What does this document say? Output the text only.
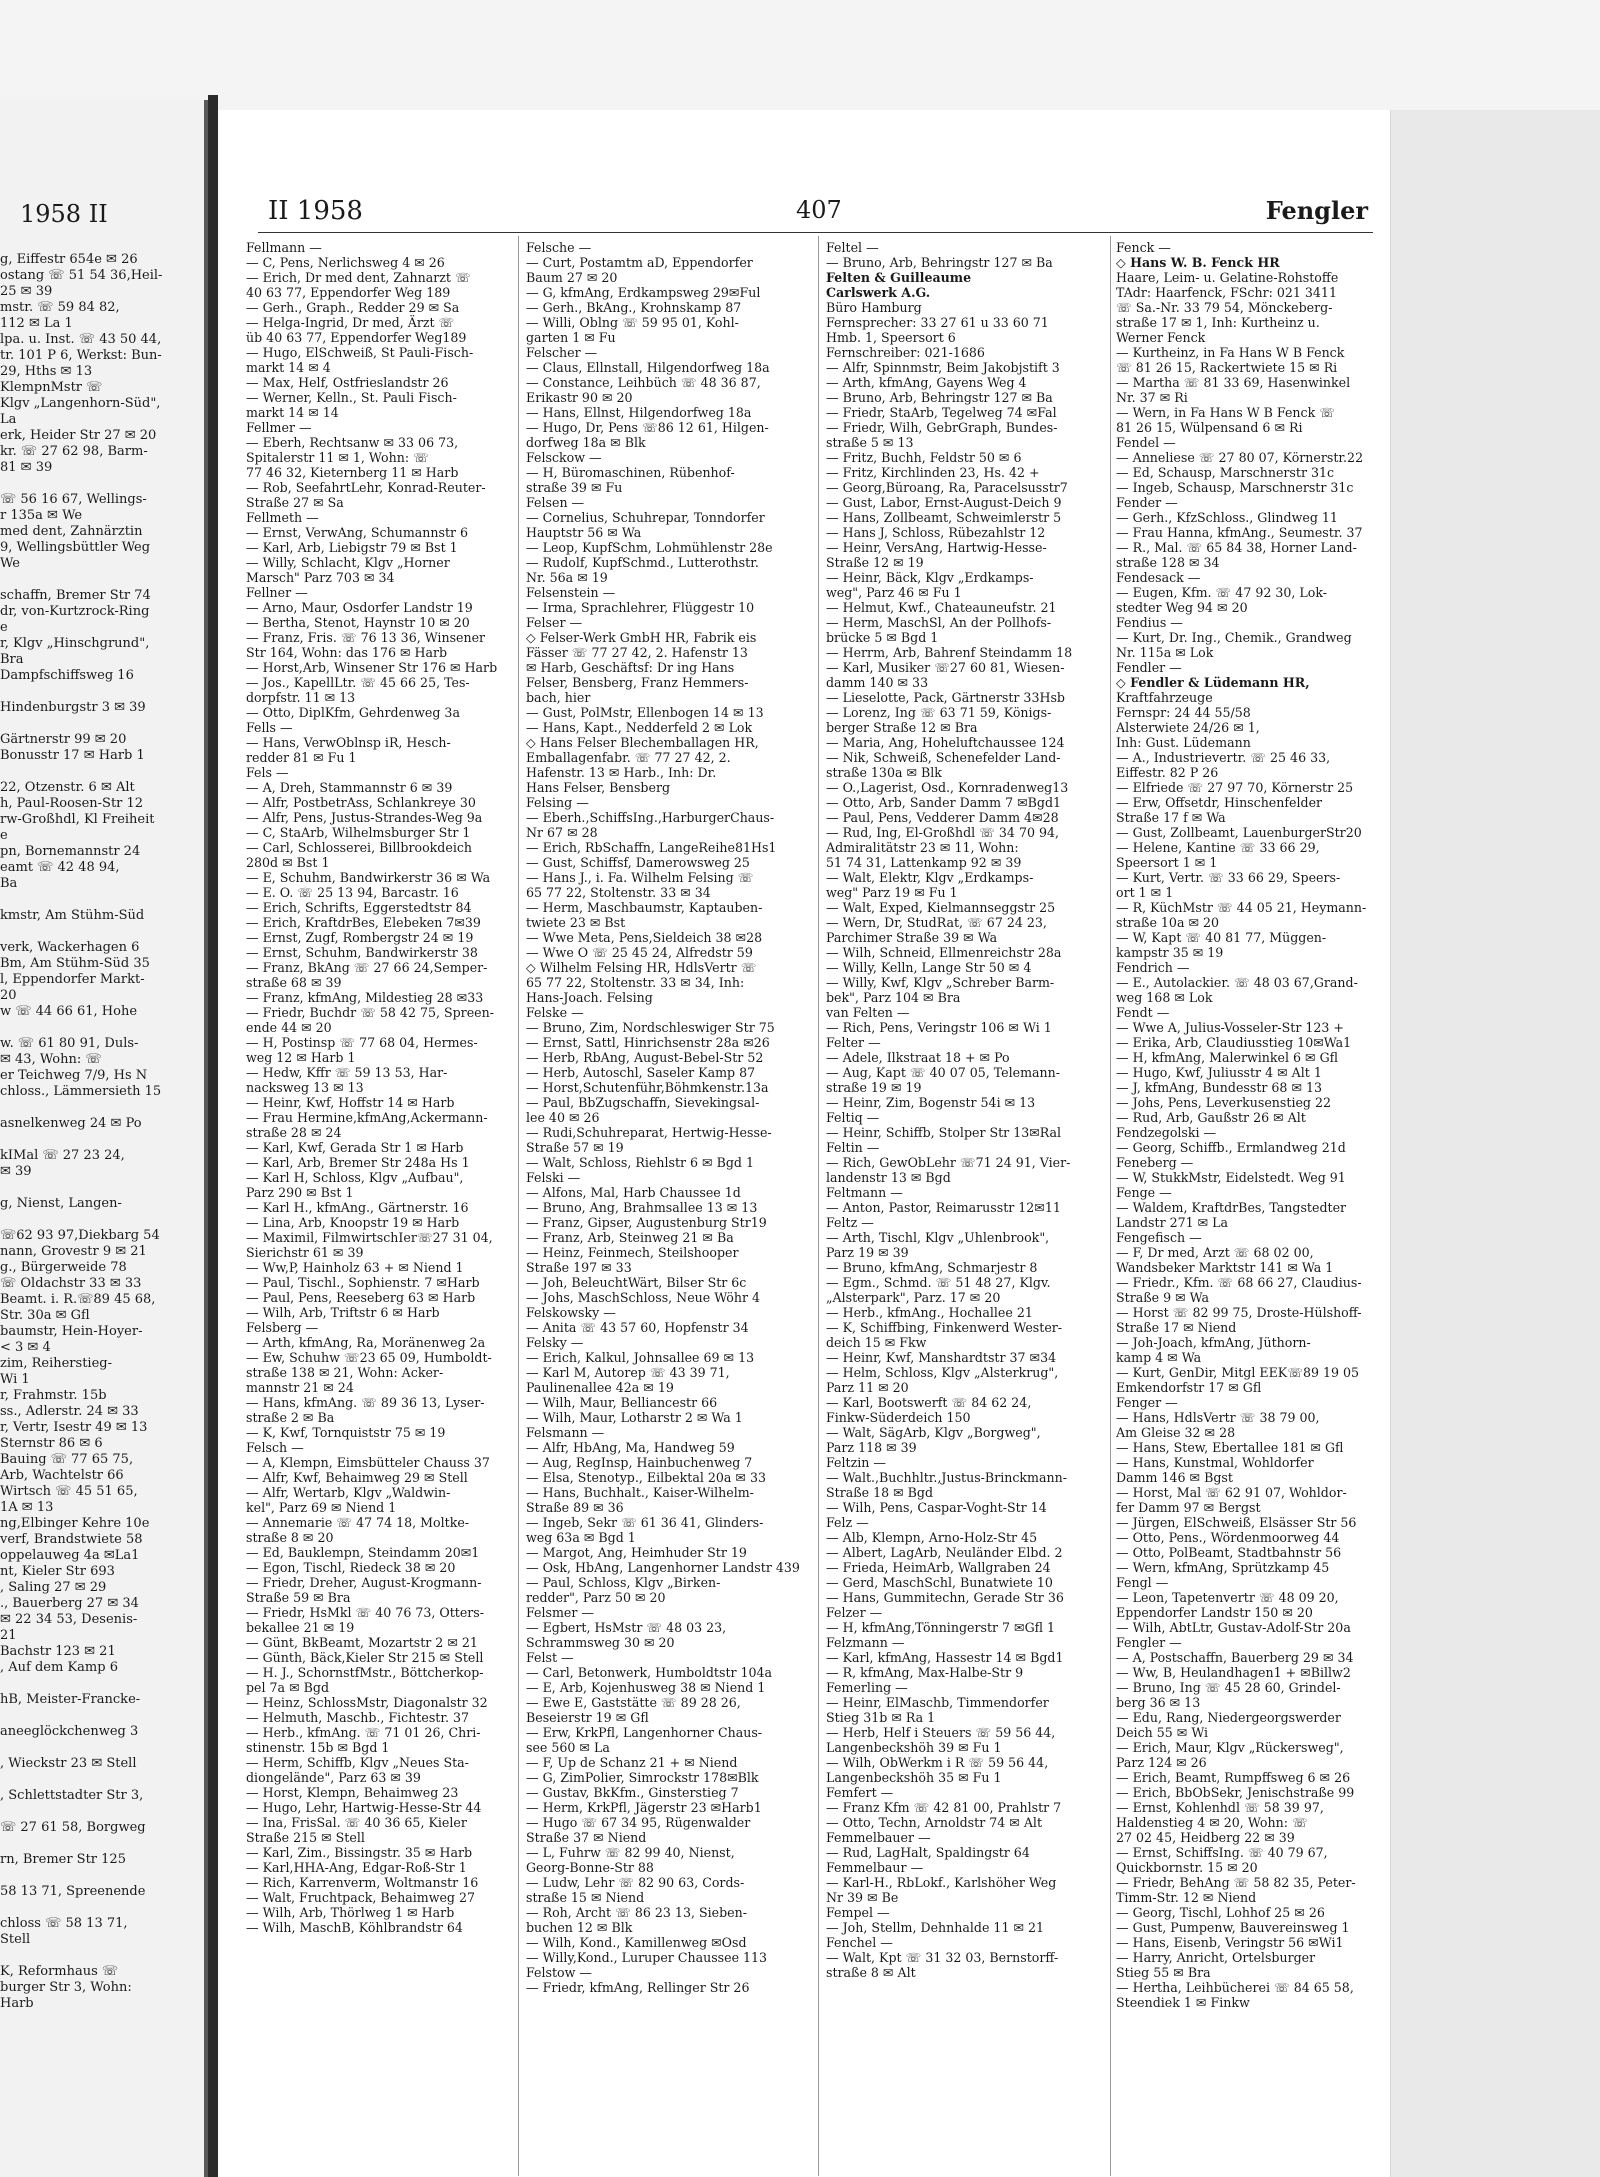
1958 II
g, Eiffestr 654e ✉ 26
ostang ☏ 51 54 36,Heil-
25 ✉ 39
mstr. ☏ 59 84 82,
112 ✉ La 1
lpa. u. Inst. ☏ 43 50 44,
tr. 101 P 6, Werkst: Bun-
29, Hths ✉ 13
KlempnMstr ☏
Klgv „Langenhorn-Süd",
La
erk, Heider Str 27 ✉ 20
kr. ☏ 27 62 98, Barm-
81 ✉ 39
☏ 56 16 67, Wellings-
r 135a ✉ We
med dent, Zahnärztin
9, Wellingsbüttler Weg
We
schaffn, Bremer Str 74
dr, von-Kurtzrock-Ring
e
r, Klgv „Hinschgrund",
Bra
Dampfschiffsweg 16
Hindenburgstr 3 ✉ 39
Gärtnerstr 99 ✉ 20
Bonusstr 17 ✉ Harb 1
22, Otzenstr. 6 ✉ Alt
h, Paul-Roosen-Str 12
rw-Großhdl, Kl Freiheit
e
pn, Bornemannstr 24
eamt ☏ 42 48 94,
Ba
kmstr, Am Stühm-Süd
verk, Wackerhagen 6
Bm, Am Stühm-Süd 35
l, Eppendorfer Markt-
20
w ☏ 44 66 61, Hohe
w. ☏ 61 80 91, Duls-
✉ 43, Wohn: ☏
er Teichweg 7/9, Hs N
chloss., Lämmersieth 15
asnelkenweg 24 ✉ Po
kIMal ☏ 27 23 24,
✉ 39
g, Nienst, Langen-
☏62 93 97,Diekbarg 54
nann, Grovestr 9 ✉ 21
g., Bürgerweide 78
☏ Oldachstr 33 ✉ 33
Beamt. i. R.☏89 45 68,
Str. 30a ✉ Gfl
baumstr, Hein-Hoyer-
< 3 ✉ 4
zim, Reiherstieg-
Wi 1
r, Frahmstr. 15b
ss., Adlerstr. 24 ✉ 33
r, Vertr, Isestr 49 ✉ 13
Sternstr 86 ✉ 6
Bauing ☏ 77 65 75,
Arb, Wachtelstr 66
Wirtsch ☏ 45 51 65,
1A ✉ 13
ng,Elbinger Kehre 10e
verf, Brandstwiete 58
oppelauweg 4a ✉La1
nt, Kieler Str 693
, Saling 27 ✉ 29
., Bauerberg 27 ✉ 34
✉ 22 34 53, Desenis-
21
Bachstr 123 ✉ 21
, Auf dem Kamp 6
hB, Meister-Francke-
aneeglöckchenweg 3
, Wieckstr 23 ✉ Stell
, Schlettstadter Str 3,
☏ 27 61 58, Borgweg
rn, Bremer Str 125
58 13 71, Spreenende
chloss ☏ 58 13 71,
Stell
K, Reformhaus ☏
burger Str 3, Wohn:
Harb
II 1958	407	Fengler
Fellmann —
— C, Pens, Nerlichsweg 4 ✉ 26
— Erich, Dr med dent, Zahnarzt ☏
40 63 77, Eppendorfer Weg 189
— Gerh., Graph., Redder 29 ✉ Sa
— Helga-Ingrid, Dr med, Ärzt ☏
üb 40 63 77, Eppendorfer Weg189
— Hugo, ElSchweiß, St Pauli-Fisch-
markt 14 ✉ 4
— Max, Helf, Ostfrieslandstr 26
— Werner, Kelln., St. Pauli Fisch-
markt 14 ✉ 14
Fellmer —
— Eberh, Rechtsanw ✉ 33 06 73,
Spitalerstr 11 ✉ 1, Wohn: ☏
77 46 32, Kieternberg 11 ✉ Harb
— Rob, SeefahrtLehr, Konrad-Reuter-
Straße 27 ✉ Sa
Fellmeth —
— Ernst, VerwAng, Schumannstr 6
— Karl, Arb, Liebigstr 79 ✉ Bst 1
— Willy, Schlacht, Klgv „Horner
Marsch" Parz 703 ✉ 34
Fellner —
— Arno, Maur, Osdorfer Landstr 19
— Bertha, Stenot, Haynstr 10 ✉ 20
— Franz, Fris. ☏ 76 13 36, Winsener
Str 164, Wohn: das 176 ✉ Harb
— Horst,Arb, Winsener Str 176 ✉ Harb
— Jos., KapellLtr. ☏ 45 66 25, Tes-
dorpfstr. 11 ✉ 13
— Otto, DiplKfm, Gehrdenweg 3a
Fells —
— Hans, VerwOblnsp iR, Hesch-
redder 81 ✉ Fu 1
Fels —
— A, Dreh, Stammannstr 6 ✉ 39
— Alfr, PostbetrAss, Schlankreye 30
— Alfr, Pens, Justus-Strandes-Weg 9a
— C, StaArb, Wilhelmsburger Str 1
— Carl, Schlosserei, Billbrookdeich
280d ✉ Bst 1
— E, Schuhm, Bandwirkerstr 36 ✉ Wa
— E. O. ☏ 25 13 94, Barcastr. 16
— Erich, Schrifts, Eggerstedtstr 84
— Erich, KraftdrBes, Elebeken 7✉39
— Ernst, Zugf, Rombergstr 24 ✉ 19
— Ernst, Schuhm, Bandwirkerstr 38
— Franz, BkAng ☏ 27 66 24,Semper-
straße 68 ✉ 39
— Franz, kfmAng, Mildestieg 28 ✉33
— Friedr, Buchdr ☏ 58 42 75, Spreen-
ende 44 ✉ 20
— H, Postinsp ☏ 77 68 04, Hermes-
weg 12 ✉ Harb 1
— Hedw, Kffr ☏ 59 13 53, Har-
nacksweg 13 ✉ 13
— Heinr, Kwf, Hoffstr 14 ✉ Harb
— Frau Hermine,kfmAng,Ackermann-
straße 28 ✉ 24
— Karl, Kwf, Gerada Str 1 ✉ Harb
— Karl, Arb, Bremer Str 248a Hs 1
— Karl H, Schloss, Klgv „Aufbau",
Parz 290 ✉ Bst 1
— Karl H., kfmAng., Gärtnerstr. 16
— Lina, Arb, Knoopstr 19 ✉ Harb
— Maximil, FilmwirtschIer☏27 31 04,
Sierichstr 61 ✉ 39
— Ww,P, Hainholz 63 + ✉ Niend 1
— Paul, Tischl., Sophienstr. 7 ✉Harb
— Paul, Pens, Reeseberg 63 ✉ Harb
— Wilh, Arb, Triftstr 6 ✉ Harb
Felsberg —
— Arth, kfmAng, Ra, Moränenweg 2a
— Ew, Schuhw ☏23 65 09, Humboldt-
straße 138 ✉ 21, Wohn: Acker-
mannstr 21 ✉ 24
— Hans, kfmAng. ☏ 89 36 13, Lyser-
straße 2 ✉ Ba
— K, Kwf, Tornquiststr 75 ✉ 19
Felsch —
— A, Klempn, Eimsbütteler Chauss 37
— Alfr, Kwf, Behaimweg 29 ✉ Stell
— Alfr, Wertarb, Klgv „Waldwin-
kel", Parz 69 ✉ Niend 1
— Annemarie ☏ 47 74 18, Moltke-
straße 8 ✉ 20
— Ed, Bauklempn, Steindamm 20✉1
— Egon, Tischl, Riedeck 38 ✉ 20
— Friedr, Dreher, August-Krogmann-
Straße 59 ✉ Bra
— Friedr, HsMkl ☏ 40 76 73, Otters-
bekallee 21 ✉ 19
— Günt, BkBeamt, Mozartstr 2 ✉ 21
— Günth, Bäck,Kieler Str 215 ✉ Stell
— H. J., SchornstfMstr., Böttcherkop-
pel 7a ✉ Bgd
— Heinz, SchlossMstr, Diagonalstr 32
— Helmuth, Maschb., Fichtestr. 37
— Herb., kfmAng. ☏ 71 01 26, Chri-
stinenstr. 15b ✉ Bgd 1
— Herm, Schiffb, Klgv „Neues Sta-
diongelände", Parz 63 ✉ 39
— Horst, Klempn, Behaimweg 23
— Hugo, Lehr, Hartwig-Hesse-Str 44
— Ina, FrisSal. ☏ 40 36 65, Kieler
Straße 215 ✉ Stell
— Karl, Zim., Bissingstr. 35 ✉ Harb
— Karl,HHA-Ang, Edgar-Roß-Str 1
— Rich, Karrenverm, Woltmanstr 16
— Walt, Fruchtpack, Behaimweg 27
— Wilh, Arb, Thörlweg 1 ✉ Harb
— Wilh, MaschB, Köhlbrandstr 64
Felsche —
— Curt, Postamtm aD, Eppendorfer
Baum 27 ✉ 20
— G, kfmAng, Erdkampsweg 29✉Ful
— Gerh., BkAng., Krohnskamp 87
— Willi, Oblng ☏ 59 95 01, Kohl-
garten 1 ✉ Fu
Felscher —
— Claus, Ellnstall, Hilgendorfweg 18a
— Constance, Leihbüch ☏ 48 36 87,
Erikastr 90 ✉ 20
— Hans, Ellnst, Hilgendorfweg 18a
— Hugo, Dr, Pens ☏86 12 61, Hilgen-
dorfweg 18a ✉ Blk
Felsckow —
— H, Büromaschinen, Rübenhof-
straße 39 ✉ Fu
Felsen —
— Cornelius, Schuhrepar, Tonndorfer
Hauptstr 56 ✉ Wa
— Leop, KupfSchm, Lohmühlenstr 28e
— Rudolf, KupfSchmd., Lutterothstr.
Nr. 56a ✉ 19
Felsenstein —
— Irma, Sprachlehrer, Flüggestr 10
Felser —
◇ Felser-Werk GmbH HR, Fabrik eis
Fässer ☏ 77 27 42, 2. Hafenstr 13
✉ Harb, Geschäftsf: Dr ing Hans
Felser, Bensberg, Franz Hemmers-
bach, hier
— Gust, PolMstr, Ellenbogen 14 ✉ 13
— Hans, Kapt., Nedderfeld 2 ✉ Lok
◇ Hans Felser Blechemballagen HR,
Emballagenfabr. ☏ 77 27 42, 2.
Hafenstr. 13 ✉ Harb., Inh: Dr.
Hans Felser, Bensberg
Felsing —
— Eberh.,SchiffsIng.,HarburgerChaus-
Nr 67 ✉ 28
— Erich, RbSchaffn, LangeReihe81Hs1
— Gust, Schiffsf, Damerowsweg 25
— Hans J., i. Fa. Wilhelm Felsing ☏
65 77 22, Stoltenstr. 33 ✉ 34
— Herm, Maschbaumstr, Kaptauben-
twiete 23 ✉ Bst
— Wwe Meta, Pens,Sieldeich 38 ✉28
— Wwe O ☏ 25 45 24, Alfredstr 59
◇ Wilhelm Felsing HR, HdlsVertr ☏
65 77 22, Stoltenstr. 33 ✉ 34, Inh:
Hans-Joach. Felsing
Felske —
— Bruno, Zim, Nordschleswiger Str 75
— Ernst, Sattl, Hinrichsenstr 28a ✉26
— Herb, RbAng, August-Bebel-Str 52
— Herb, Autoschl, Saseler Kamp 87
— Horst,Schutenführ,Böhmkenstr.13a
— Paul, BbZugschaffn, Sievekingsal-
lee 40 ✉ 26
— Rudi,Schuhreparat, Hertwig-Hesse-
Straße 57 ✉ 19
— Walt, Schloss, Riehlstr 6 ✉ Bgd 1
Felski —
— Alfons, Mal, Harb Chaussee 1d
— Bruno, Ang, Brahmsallee 13 ✉ 13
— Franz, Gipser, Augustenburg Str19
— Franz, Arb, Steinweg 21 ✉ Ba
— Heinz, Feinmech, Steilshooper
Straße 197 ✉ 33
— Joh, BeleuchtWärt, Bilser Str 6c
— Johs, MaschSchloss, Neue Wöhr 4
Felskowsky —
— Anita ☏ 43 57 60, Hopfenstr 34
Felsky —
— Erich, Kalkul, Johnsallee 69 ✉ 13
— Karl M, Autorep ☏ 43 39 71,
Paulinenallee 42a ✉ 19
— Wilh, Maur, Belliancestr 66
— Wilh, Maur, Lotharstr 2 ✉ Wa 1
Felsmann —
— Alfr, HbAng, Ma, Handweg 59
— Aug, RegInsp, Hainbuchenweg 7
— Elsa, Stenotyp., Eilbektal 20a ✉ 33
— Hans, Buchhalt., Kaiser-Wilhelm-
Straße 89 ✉ 36
— Ingeb, Sekr ☏ 61 36 41, Glinders-
weg 63a ✉ Bgd 1
— Margot, Ang, Heimhuder Str 19
— Osk, HbAng, Langenhorner Landstr 439
— Paul, Schloss, Klgv „Birken-
redder", Parz 50 ✉ 20
Felsmer —
— Egbert, HsMstr ☏ 48 03 23,
Schrammsweg 30 ✉ 20
Felst —
— Carl, Betonwerk, Humboldtstr 104a
— E, Arb, Kojenhusweg 38 ✉ Niend 1
— Ewe E, Gaststätte ☏ 89 28 26,
Beseierstr 19 ✉ Gfl
— Erw, KrkPfl, Langenhorner Chaus-
see 560 ✉ La
— F, Up de Schanz 21 + ✉ Niend
— G, ZimPolier, Simrockstr 178✉Blk
— Gustav, BkKfm., Ginsterstieg 7
— Herm, KrkPfl, Jägerstr 23 ✉Harb1
— Hugo ☏ 67 34 95, Rügenwalder
Straße 37 ✉ Niend
— L, Fuhrw ☏ 82 99 40, Nienst,
Georg-Bonne-Str 88
— Ludw, Lehr ☏ 82 90 63, Cords-
straße 15 ✉ Niend
— Roh, Archt ☏ 86 23 13, Sieben-
buchen 12 ✉ Blk
— Wilh, Kond., Kamillenweg ✉Osd
— Willy,Kond., Luruper Chaussee 113
Felstow —
— Friedr, kfmAng, Rellinger Str 26
Feltel —
— Bruno, Arb, Behringstr 127 ✉ Ba
Felten & Guilleaume
Carlswerk A.G.
Büro Hamburg
Fernsprecher: 33 27 61 u 33 60 71
Hmb. 1, Speersort 6
Fernschreiber: 021-1686
— Alfr, Spinnmstr, Beim Jakobjstift 3
— Arth, kfmAng, Gayens Weg 4
— Bruno, Arb, Behringstr 127 ✉ Ba
— Friedr, StaArb, Tegelweg 74 ✉Fal
— Friedr, Wilh, GebrGraph, Bundes-
straße 5 ✉ 13
— Fritz, Buchh, Feldstr 50 ✉ 6
— Fritz, Kirchlinden 23, Hs. 42 +
— Georg,Büroang, Ra, Paracelsusstr7
— Gust, Labor, Ernst-August-Deich 9
— Hans, Zollbeamt, Schweimlerstr 5
— Hans J, Schloss, Rübezahlstr 12
— Heinr, VersAng, Hartwig-Hesse-
Straße 12 ✉ 19
— Heinr, Bäck, Klgv „Erdkamps-
weg", Parz 46 ✉ Fu 1
— Helmut, Kwf., Chateauneufstr. 21
— Herm, MaschSl, An der Pollhofs-
brücke 5 ✉ Bgd 1
— Herrm, Arb, Bahrenf Steindamm 18
— Karl, Musiker ☏27 60 81, Wiesen-
damm 140 ✉ 33
— Lieselotte, Pack, Gärtnerstr 33Hsb
— Lorenz, Ing ☏ 63 71 59, Königs-
berger Straße 12 ✉ Bra
— Maria, Ang, Hoheluftchaussee 124
— Nik, Schweiß, Schenefelder Land-
straße 130a ✉ Blk
— O.,Lagerist, Osd., Kornradenweg13
— Otto, Arb, Sander Damm 7 ✉Bgd1
— Paul, Pens, Vedderer Damm 4✉28
— Rud, Ing, El-Großhdl ☏ 34 70 94,
Admiralitätstr 23 ✉ 11, Wohn:
51 74 31, Lattenkamp 92 ✉ 39
— Walt, Elektr, Klgv „Erdkamps-
weg" Parz 19 ✉ Fu 1
— Walt, Exped, Kielmannseggstr 25
— Wern, Dr, StudRat, ☏ 67 24 23,
Parchimer Straße 39 ✉ Wa
— Wilh, Schneid, Ellmenreichstr 28a
— Willy, Kelln, Lange Str 50 ✉ 4
— Willy, Kwf, Klgv „Schreber Barm-
bek", Parz 104 ✉ Bra
van Felten —
— Rich, Pens, Veringstr 106 ✉ Wi 1
Felter —
— Adele, Ilkstraat 18 + ✉ Po
— Aug, Kapt ☏ 40 07 05, Telemann-
straße 19 ✉ 19
— Heinr, Zim, Bogenstr 54i ✉ 13
Feltiq —
— Heinr, Schiffb, Stolper Str 13✉Ral
Feltin —
— Rich, GewObLehr ☏71 24 91, Vier-
landenstr 13 ✉ Bgd
Feltmann —
— Anton, Pastor, Reimarusstr 12✉11
Feltz —
— Arth, Tischl, Klgv „Uhlenbrook",
Parz 19 ✉ 39
— Bruno, kfmAng, Schmarjestr 8
— Egm., Schmd. ☏ 51 48 27, Klgv.
„Alsterpark", Parz. 17 ✉ 20
— Herb., kfmAng., Hochallee 21
— K, Schiffbing, Finkenwerd Wester-
deich 15 ✉ Fkw
— Heinr, Kwf, Manshardtstr 37 ✉34
— Helm, Schloss, Klgv „Alsterkrug",
Parz 11 ✉ 20
— Karl, Bootswerft ☏ 84 62 24,
Finkw-Süderdeich 150
— Walt, SägArb, Klgv „Borgweg",
Parz 118 ✉ 39
Feltzin —
— Walt.,Buchhltr.,Justus-Brinckmann-
Straße 18 ✉ Bgd
— Wilh, Pens, Caspar-Voght-Str 14
Felz —
— Alb, Klempn, Arno-Holz-Str 45
— Albert, LagArb, Neuländer Elbd. 2
— Frieda, HeimArb, Wallgraben 24
— Gerd, MaschSchl, Bunatwiete 10
— Hans, Gummitechn, Gerade Str 36
Felzer —
— H, kfmAng,Tönningerstr 7 ✉Gfl 1
Felzmann —
— Karl, kfmAng, Hassestr 14 ✉ Bgd1
— R, kfmAng, Max-Halbe-Str 9
Femerling —
— Heinr, ElMaschb, Timmendorfer
Stieg 31b ✉ Ra 1
— Herb, Helf i Steuers ☏ 59 56 44,
Langenbeckshöh 39 ✉ Fu 1
— Wilh, ObWerkm i R ☏ 59 56 44,
Langenbeckshöh 35 ✉ Fu 1
Femfert —
— Franz Kfm ☏ 42 81 00, Prahlstr 7
— Otto, Techn, Arnoldstr 74 ✉ Alt
Femmelbauer —
— Rud, LagHalt, Spaldingstr 64
Femmelbaur —
— Karl-H., RbLokf., Karlshöher Weg
Nr 39 ✉ Be
Fempel —
— Joh, Stellm, Dehnhalde 11 ✉ 21
Fenchel —
— Walt, Kpt ☏ 31 32 03, Bernstorff-
straße 8 ✉ Alt
Fenck —
◇ Hans W. B. Fenck HR
Haare, Leim- u. Gelatine-Rohstoffe
TAdr: Haarfenck, FSchr: 021 3411
☏ Sa.-Nr. 33 79 54, Mönckeberg-
straße 17 ✉ 1, Inh: Kurtheinz u.
Werner Fenck
— Kurtheinz, in Fa Hans W B Fenck
☏ 81 26 15, Rackertwiete 15 ✉ Ri
— Martha ☏ 81 33 69, Hasenwinkel
Nr. 37 ✉ Ri
— Wern, in Fa Hans W B Fenck ☏
81 26 15, Wülpensand 6 ✉ Ri
Fendel —
— Anneliese ☏ 27 80 07, Körnerstr.22
— Ed, Schausp, Marschnerstr 31c
— Ingeb, Schausp, Marschnerstr 31c
Fender —
— Gerh., KfzSchloss., Glindweg 11
— Frau Hanna, kfmAng., Seumestr. 37
— R., Mal. ☏ 65 84 38, Horner Land-
straße 128 ✉ 34
Fendesack —
— Eugen, Kfm. ☏ 47 92 30, Lok-
stedter Weg 94 ✉ 20
Fendius —
— Kurt, Dr. Ing., Chemik., Grandweg
Nr. 115a ✉ Lok
Fendler —
◇ Fendler & Lüdemann HR,
Kraftfahrzeuge
Fernspr: 24 44 55/58
Alsterwiete 24/26 ✉ 1,
Inh: Gust. Lüdemann
— A., Industrievertr. ☏ 25 46 33,
Eiffestr. 82 P 26
— Elfriede ☏ 27 97 70, Körnerstr 25
— Erw, Offsetdr, Hinschenfelder
Straße 17 f ✉ Wa
— Gust, Zollbeamt, LauenburgerStr20
— Helene, Kantine ☏ 33 66 29,
Speersort 1 ✉ 1
— Kurt, Vertr. ☏ 33 66 29, Speers-
ort 1 ✉ 1
— R, KüchMstr ☏ 44 05 21, Heymann-
straße 10a ✉ 20
— W, Kapt ☏ 40 81 77, Müggen-
kampstr 35 ✉ 19
Fendrich —
— E., Autolackier. ☏ 48 03 67,Grand-
weg 168 ✉ Lok
Fendt —
— Wwe A, Julius-Vosseler-Str 123 +
— Erika, Arb, Claudiusstieg 10✉Wa1
— H, kfmAng, Malerwinkel 6 ✉ Gfl
— Hugo, Kwf, Juliusstr 4 ✉ Alt 1
— J, kfmAng, Bundesstr 68 ✉ 13
— Johs, Pens, Leverkusenstieg 22
— Rud, Arb, Gaußstr 26 ✉ Alt
Fendzegolski —
— Georg, Schiffb., Ermlandweg 21d
Feneberg —
— W, StukkMstr, Eidelstedt. Weg 91
Fenge —
— Waldem, KraftdrBes, Tangstedter
Landstr 271 ✉ La
Fengefisch —
— F, Dr med, Arzt ☏ 68 02 00,
Wandsbeker Marktstr 141 ✉ Wa 1
— Friedr., Kfm. ☏ 68 66 27, Claudius-
Straße 9 ✉ Wa
— Horst ☏ 82 99 75, Droste-Hülshoff-
Straße 17 ✉ Niend
— Joh-Joach, kfmAng, Jüthorn-
kamp 4 ✉ Wa
— Kurt, GenDir, Mitgl EEK☏89 19 05
Emkendorfstr 17 ✉ Gfl
Fenger —
— Hans, HdlsVertr ☏ 38 79 00,
Am Gleise 32 ✉ 28
— Hans, Stew, Ebertallee 181 ✉ Gfl
— Hans, Kunstmal, Wohldorfer
Damm 146 ✉ Bgst
— Horst, Mal ☏ 62 91 07, Wohldor-
fer Damm 97 ✉ Bergst
— Jürgen, ElSchweiß, Elsässer Str 56
— Otto, Pens., Wördenmoorweg 44
— Otto, PolBeamt, Stadtbahnstr 56
— Wern, kfmAng, Sprützkamp 45
Fengl —
— Leon, Tapetenvertr ☏ 48 09 20,
Eppendorfer Landstr 150 ✉ 20
— Wilh, AbtLtr, Gustav-Adolf-Str 20a
Fengler —
— A, Postschaffn, Bauerberg 29 ✉ 34
— Ww, B, Heulandhagen1 + ✉Billw2
— Bruno, Ing ☏ 45 28 60, Grindel-
berg 36 ✉ 13
— Edu, Rang, Niedergeorgswerder
Deich 55 ✉ Wi
— Erich, Maur, Klgv „Rückersweg",
Parz 124 ✉ 26
— Erich, Beamt, Rumpffsweg 6 ✉ 26
— Erich, BbObSekr, Jenischstraße 99
— Ernst, Kohlenhdl ☏ 58 39 97,
Haldenstieg 4 ✉ 20, Wohn: ☏
27 02 45, Heidberg 22 ✉ 39
— Ernst, SchiffsIng. ☏ 40 79 67,
Quickbornstr. 15 ✉ 20
— Friedr, BehAng ☏ 58 82 35, Peter-
Timm-Str. 12 ✉ Niend
— Georg, Tischl, Lohhof 25 ✉ 26
— Gust, Pumpenw, Bauvereinsweg 1
— Hans, Eisenb, Veringstr 56 ✉Wi1
— Harry, Anricht, Ortelsburger
Stieg 55 ✉ Bra
— Hertha, Leihbücherei ☏ 84 65 58,
Steendiek 1 ✉ Finkw
